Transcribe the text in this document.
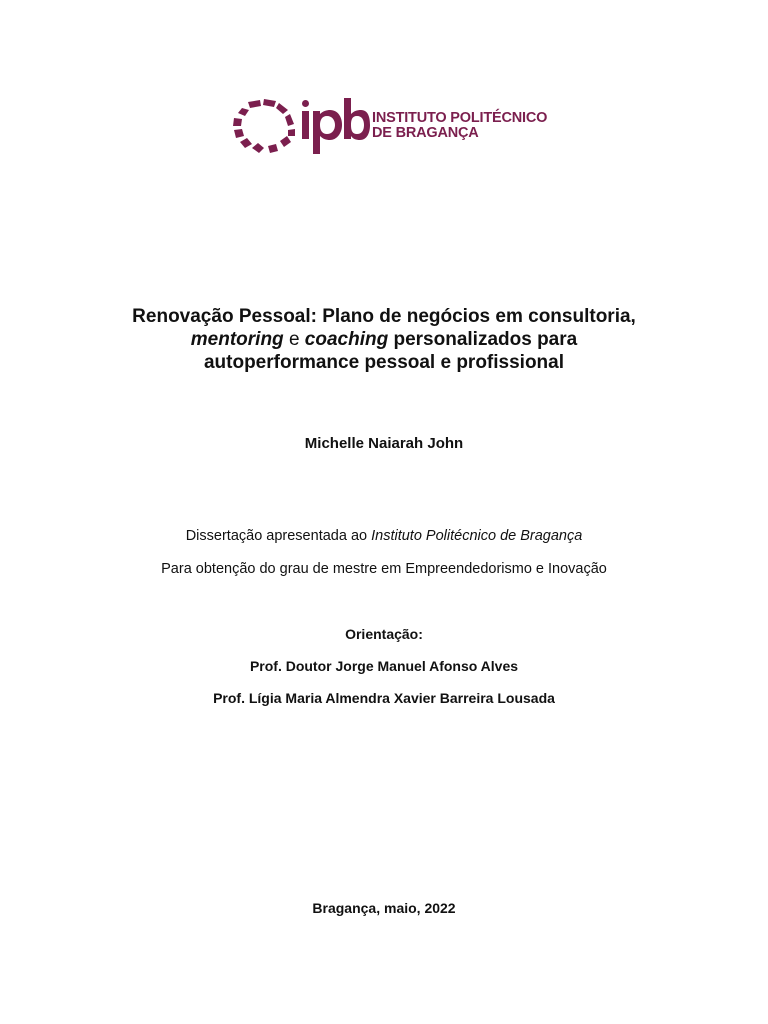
INSTITUTO POLITÉCNICO
DE BRAGANÇA
Renovação Pessoal: Plano de negócios em consultoria,
mentoring e coaching personalizados para
autoperformance pessoal e profissional
Michelle Naiarah John
Dissertação apresentada ao Instituto Politécnico de Bragança
Para obtenção do grau de mestre em Empreendedorismo e Inovação
Orientação:
Prof. Doutor Jorge Manuel Afonso Alves
Prof. Lígia Maria Almendra Xavier Barreira Lousada
Bragança, maio, 2022
